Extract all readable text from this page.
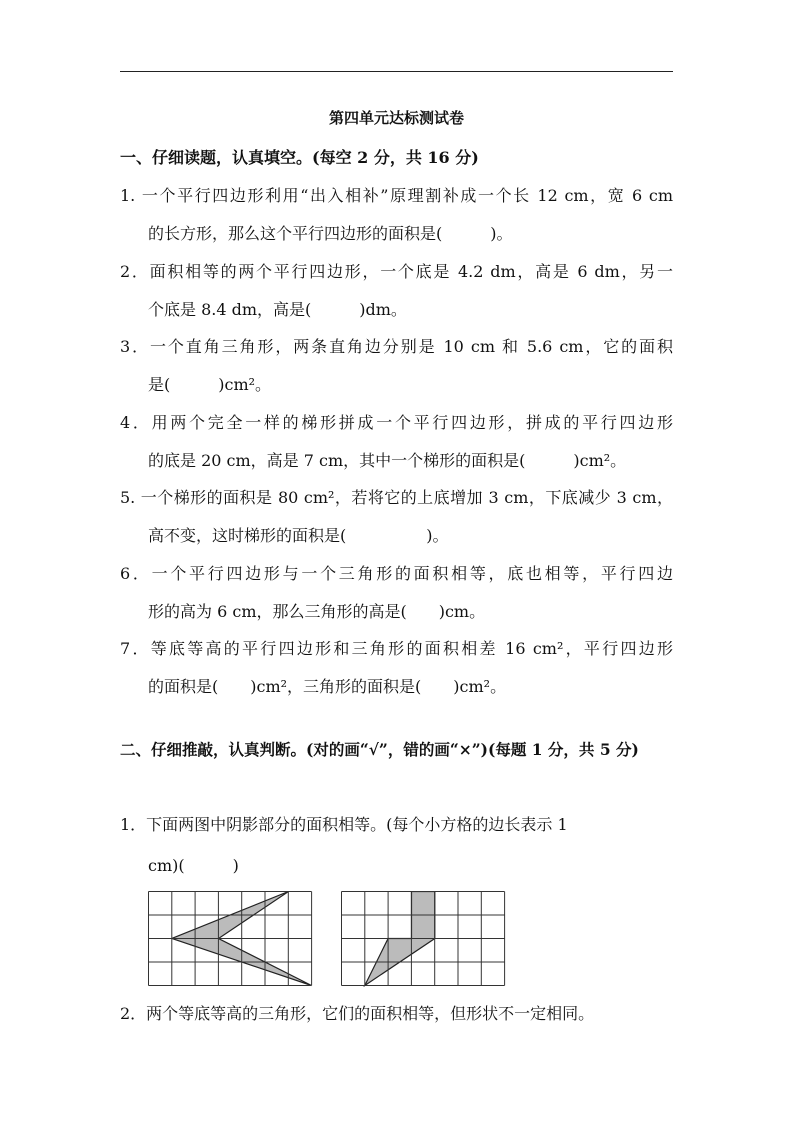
第四单元达标测试卷
一、仔细读题，认真填空。(每空 2 分，共 16 分)
1. 一个平行四边形利用“出入相补”原理割补成一个长 12 cm，宽 6 cm
的长方形，那么这个平行四边形的面积是(　　　)。
2．面积相等的两个平行四边形，一个底是 4.2 dm，高是 6 dm，另一
个底是 8.4 dm，高是(　　　)dm。
3．一个直角三角形，两条直角边分别是 10 cm 和 5.6 cm，它的面积
是(　　　)cm²。
4．用两个完全一样的梯形拼成一个平行四边形，拼成的平行四边形
的底是 20 cm，高是 7 cm，其中一个梯形的面积是(　　　)cm²。
5. 一个梯形的面积是 80 cm²，若将它的上底增加 3 cm，下底减少 3 cm，
高不变，这时梯形的面积是(　　　　　)。
6．一个平行四边形与一个三角形的面积相等，底也相等，平行四边
形的高为 6 cm，那么三角形的高是(　　)cm。
7．等底等高的平行四边形和三角形的面积相差 16 cm²，平行四边形
的面积是(　　)cm²，三角形的面积是(　　)cm²。
二、仔细推敲，认真判断。(对的画“√”，错的画“×”)(每题 1 分，共 5 分)
1．下面两图中阴影部分的面积相等。(每个小方格的边长表示 1
cm)(　　　)
2．两个等底等高的三角形，它们的面积相等，但形状不一定相同。
